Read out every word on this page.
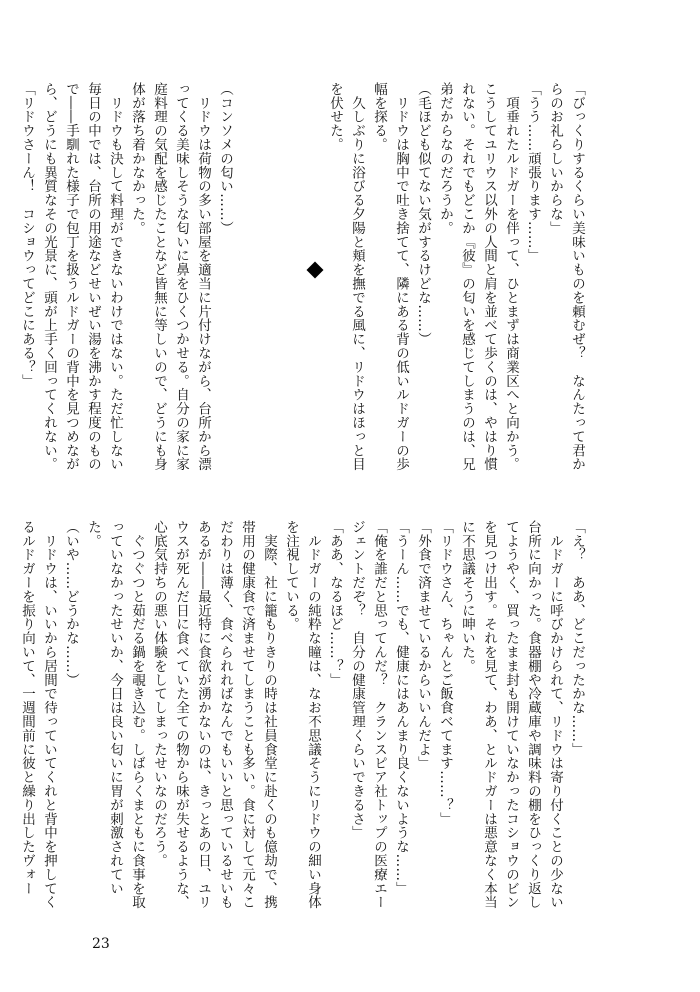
「びっくりするくらい美味いものを頼むぜ？　なんたって君か
らのお礼らしいからな」
「うう……頑張ります……」
　項垂れたルドガーを伴って、ひとまずは商業区へと向かう。
こうしてユリウス以外の人間と肩を並べて歩くのは、やはり慣
れない。それでもどこか『彼』の匂いを感じてしまうのは、兄
弟だからなのだろうか。
（毛ほども似てない気がするけどな……）
　リドウは胸中で吐き捨てて、隣にある背の低いルドガーの歩
幅を探る。
　久しぶりに浴びる夕陽と頬を撫でる風に、リドウはほっと目
を伏せた。

（コンソメの匂い……）
　リドウは荷物の多い部屋を適当に片付けながら、台所から漂
ってくる美味しそうな匂いに鼻をひくつかせる。自分の家に家
庭料理の気配を感じたことなど皆無に等しいので、どうにも身
体が落ち着かなかった。
　リドウも決して料理ができないわけではない。ただ忙しない
毎日の中では、台所の用途などせいぜい湯を沸かす程度のもの
で――手馴れた様子で包丁を扱うルドガーの背中を見つめなが
ら、どうにも異質なその光景に、頭が上手く回ってくれない。
「リドウさーん！　コショウってどこにある？」
「え？　ああ、どこだったかな……」
　ルドガーに呼びかけられて、リドウは寄り付くことの少ない
台所に向かった。食器棚や冷蔵庫や調味料の棚をひっくり返し
てようやく、買ったまま封も開けていなかったコショウのビン
を見つけ出す。それを見て、わあ、とルドガーは悪意なく本当
に不思議そうに呻いた。
「リドウさん、ちゃんとご飯食べてます……？」
「外食で済ませているからいいんだよ」
「うーん……でも、健康にはあんまり良くないような……」
「俺を誰だと思ってんだ？　クランスピア社トップの医療エー
ジェントだぞ？　自分の健康管理くらいできるさ」
「ああ、なるほど……？」
　ルドガーの純粋な瞳は、なお不思議そうにリドウの細い身体
を注視している。
　実際、社に籠もりきりの時は社員食堂に赴くのも億劫で、携
帯用の健康食で済ませてしまうことも多い。食に対して元々こ
だわりは薄く、食べられればなんでもいいと思っているせいも
あるが――最近特に食欲が湧かないのは、きっとあの日、ユリ
ウスが死んだ日に食べていた全ての物から味が失せるような、
心底気持ちの悪い体験をしてしまったせいなのだろう。
　ぐつぐつと茹だる鍋を覗き込む。しばらくまともに食事を取
っていなかったせいか、今日は良い匂いに胃が刺激されていた。
（いや……どうかな……）
　リドウは、いいから居間で待っていてくれと背中を押してく
るルドガーを振り向いて、一週間前に彼と繰り出したヴォー
23
